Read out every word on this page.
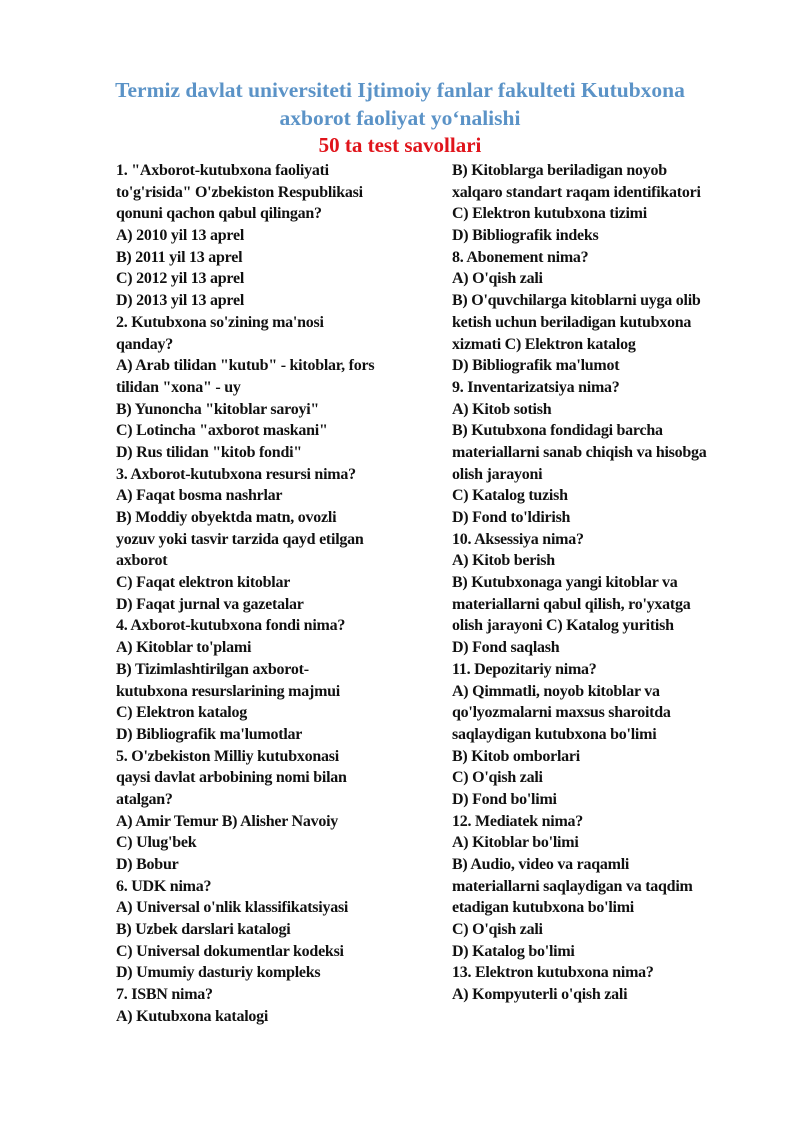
Termiz davlat universiteti Ijtimoiy fanlar fakulteti Kutubxona
axborot faoliyat yo‘nalishi
50 ta test savollari
1. "Axborot-kutubxona faoliyati
to'g'risida" O'zbekiston Respublikasi
qonuni qachon qabul qilingan?
A) 2010 yil 13 aprel
B) 2011 yil 13 aprel
C) 2012 yil 13 aprel
D) 2013 yil 13 aprel
2. Kutubxona so'zining ma'nosi
qanday?
A) Arab tilidan "kutub" - kitoblar, fors
tilidan "xona" - uy
B) Yunoncha "kitoblar saroyi"
C) Lotincha "axborot maskani"
D) Rus tilidan "kitob fondi"
3. Axborot-kutubxona resursi nima?
A) Faqat bosma nashrlar
B) Moddiy obyektda matn, ovozli
yozuv yoki tasvir tarzida qayd etilgan
axborot
C) Faqat elektron kitoblar
D) Faqat jurnal va gazetalar
4. Axborot-kutubxona fondi nima?
A) Kitoblar to'plami
B) Tizimlashtirilgan axborot-
kutubxona resurslarining majmui
C) Elektron katalog
D) Bibliografik ma'lumotlar
5. O'zbekiston Milliy kutubxonasi
qaysi davlat arbobining nomi bilan
atalgan?
A) Amir Temur B) Alisher Navoiy
C) Ulug'bek
D) Bobur
6. UDK nima?
A) Universal o'nlik klassifikatsiyasi
B) Uzbek darslari katalogi
C) Universal dokumentlar kodeksi
D) Umumiy dasturiy kompleks
7. ISBN nima?
A) Kutubxona katalogi
B) Kitoblarga beriladigan noyob
xalqaro standart raqam identifikatori
C) Elektron kutubxona tizimi
D) Bibliografik indeks
8. Abonement nima?
A) O'qish zali
B) O'quvchilarga kitoblarni uyga olib
ketish uchun beriladigan kutubxona
xizmati C) Elektron katalog
D) Bibliografik ma'lumot
9. Inventarizatsiya nima?
A) Kitob sotish
B) Kutubxona fondidagi barcha
materiallarni sanab chiqish va hisobga
olish jarayoni
C) Katalog tuzish
D) Fond to'ldirish
10. Aksessiya nima?
A) Kitob berish
B) Kutubxonaga yangi kitoblar va
materiallarni qabul qilish, ro'yxatga
olish jarayoni C) Katalog yuritish
D) Fond saqlash
11. Depozitariy nima?
A) Qimmatli, noyob kitoblar va
qo'lyozmalarni maxsus sharoitda
saqlaydigan kutubxona bo'limi
B) Kitob omborlari
C) O'qish zali
D) Fond bo'limi
12. Mediatek nima?
A) Kitoblar bo'limi
B) Audio, video va raqamli
materiallarni saqlaydigan va taqdim
etadigan kutubxona bo'limi
C) O'qish zali
D) Katalog bo'limi
13. Elektron kutubxona nima?
A) Kompyuterli o'qish zali
